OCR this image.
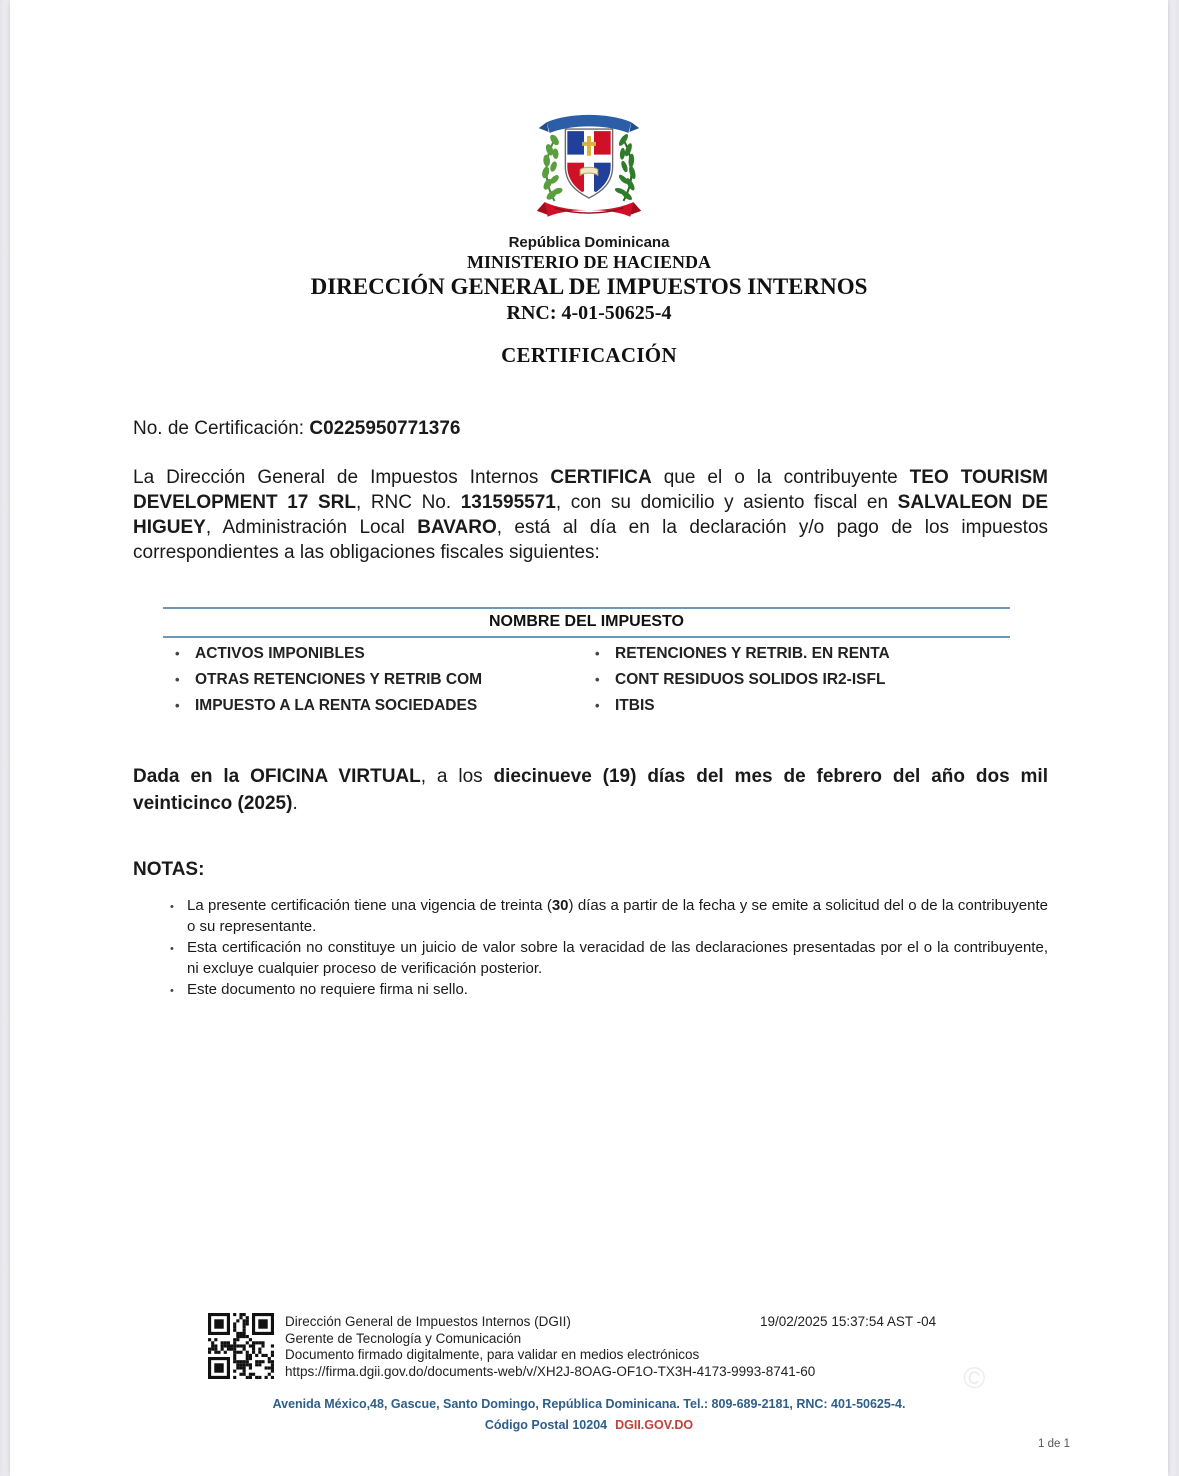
República Dominicana
MINISTERIO DE HACIENDA
DIRECCIÓN GENERAL DE IMPUESTOS INTERNOS
RNC: 4-01-50625-4
CERTIFICACIÓN

No. de Certificación: C0225950771376

La Dirección General de Impuestos Internos CERTIFICA que el o la contribuyente TEO TOURISM DEVELOPMENT 17 SRL, RNC No. 131595571, con su domicilio y asiento fiscal en SALVALEON DE HIGUEY, Administración Local BAVARO, está al día en la declaración y/o pago de los impuestos correspondientes a las obligaciones fiscales siguientes:

NOMBRE DEL IMPUESTO
• ACTIVOS IMPONIBLES	• RETENCIONES Y RETRIB. EN RENTA
• OTRAS RETENCIONES Y RETRIB COM	• CONT RESIDUOS SOLIDOS IR2-ISFL
• IMPUESTO A LA RENTA SOCIEDADES	• ITBIS

Dada en la OFICINA VIRTUAL, a los diecinueve (19) días del mes de febrero del año dos mil veinticinco (2025).

NOTAS:
• La presente certificación tiene una vigencia de treinta (30) días a partir de la fecha y se emite a solicitud del o de la contribuyente o su representante.
• Esta certificación no constituye un juicio de valor sobre la veracidad de las declaraciones presentadas por el o la contribuyente, ni excluye cualquier proceso de verificación posterior.
• Este documento no requiere firma ni sello.
Dirección General de Impuestos Internos (DGII)
Gerente de Tecnología y Comunicación
Documento firmado digitalmente, para validar en medios electrónicos
https://firma.dgii.gov.do/documents-web/v/XH2J-8OAG-OF1O-TX3H-4173-9993-8741-60
19/02/2025 15:37:54 AST -04
©
Avenida México,48, Gascue, Santo Domingo, República Dominicana. Tel.: 809-689-2181, RNC: 401-50625-4.
Código Postal 10204 DGII.GOV.DO
1 de 1
